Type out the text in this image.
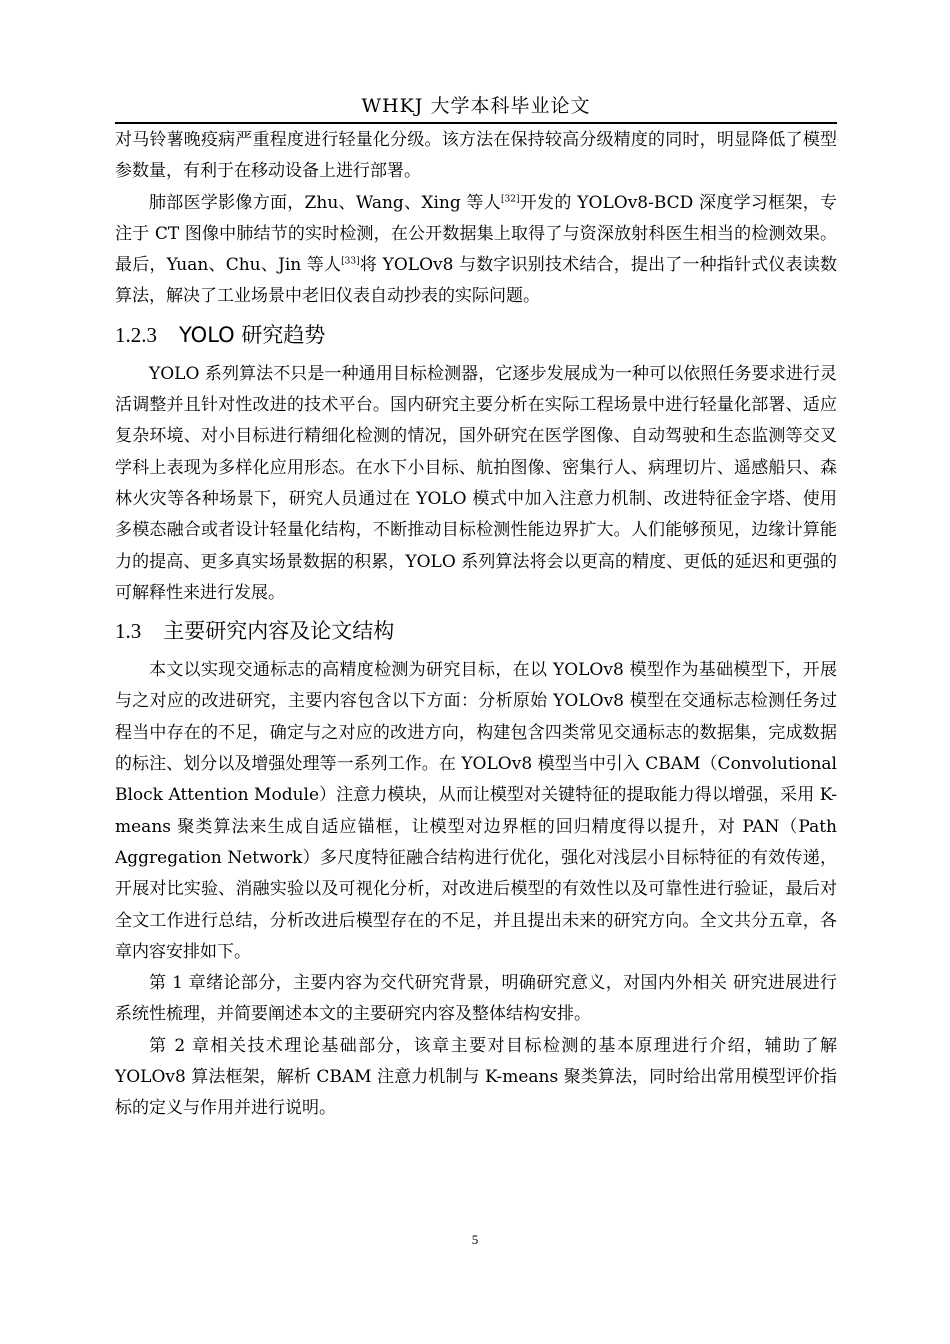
WHKJ 大学本科毕业论文

对马铃薯晚疫病严重程度进行轻量化分级。该方法在保持较高分级精度的同时，明显降低了模型参数量，有利于在移动设备上进行部署。

肺部医学影像方面，Zhu、Wang、Xing 等人[32]开发的 YOLOv8-BCD 深度学习框架，专注于 CT 图像中肺结节的实时检测，在公开数据集上取得了与资深放射科医生相当的检测效果。最后，Yuan、Chu、Jin 等人[33]将 YOLOv8 与数字识别技术结合，提出了一种指针式仪表读数算法，解决了工业场景中老旧仪表自动抄表的实际问题。

1.2.3 YOLO 研究趋势

YOLO 系列算法不只是一种通用目标检测器，它逐步发展成为一种可以依照任务要求进行灵活调整并且针对性改进的技术平台。国内研究主要分析在实际工程场景中进行轻量化部署、适应复杂环境、对小目标进行精细化检测的情况，国外研究在医学图像、自动驾驶和生态监测等交叉学科上表现为多样化应用形态。在水下小目标、航拍图像、密集行人、病理切片、遥感船只、森林火灾等各种场景下，研究人员通过在 YOLO 模式中加入注意力机制、改进特征金字塔、使用多模态融合或者设计轻量化结构，不断推动目标检测性能边界扩大。人们能够预见，边缘计算能力的提高、更多真实场景数据的积累，YOLO 系列算法将会以更高的精度、更低的延迟和更强的可解释性来进行发展。

1.3 主要研究内容及论文结构

本文以实现交通标志的高精度检测为研究目标，在以 YOLOv8 模型作为基础模型下，开展与之对应的改进研究，主要内容包含以下方面：分析原始 YOLOv8 模型在交通标志检测任务过程当中存在的不足，确定与之对应的改进方向，构建包含四类常见交通标志的数据集，完成数据的标注、划分以及增强处理等一系列工作。在 YOLOv8 模型当中引入 CBAM（Convolutional Block Attention Module）注意力模块，从而让模型对关键特征的提取能力得以增强，采用 K-means 聚类算法来生成自适应锚框，让模型对边界框的回归精度得以提升，对 PAN（Path Aggregation Network）多尺度特征融合结构进行优化，强化对浅层小目标特征的有效传递，开展对比实验、消融实验以及可视化分析，对改进后模型的有效性以及可靠性进行验证，最后对全文工作进行总结，分析改进后模型存在的不足，并且提出未来的研究方向。全文共分五章，各章内容安排如下。

第 1 章绪论部分，主要内容为交代研究背景，明确研究意义，对国内外相关 研究进展进行系统性梳理，并简要阐述本文的主要研究内容及整体结构安排。

第 2 章相关技术理论基础部分，该章主要对目标检测的基本原理进行介绍，辅助了解 YOLOv8 算法框架，解析 CBAM 注意力机制与 K-means 聚类算法，同时给出常用模型评价指标的定义与作用并进行说明。

5
